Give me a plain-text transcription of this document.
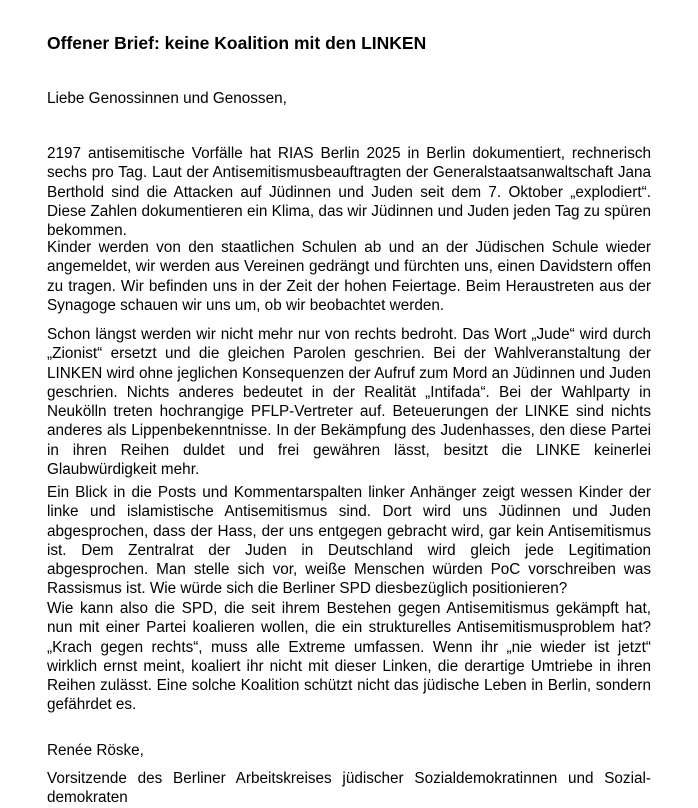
Offener Brief: keine Koalition mit den LINKEN

Liebe Genossinnen und Genossen,

2197 antisemitische Vorfälle hat RIAS Berlin 2025 in Berlin dokumentiert, rechnerisch sechs pro Tag. Laut der Antisemitismusbeauftragten der Generalstaatsanwaltschaft Jana Berthold sind die Attacken auf Jüdinnen und Juden seit dem 7. Oktober „explodiert“. Diese Zahlen dokumentieren ein Klima, das wir Jüdinnen und Juden jeden Tag zu spüren bekommen.

Kinder werden von den staatlichen Schulen ab und an der Jüdischen Schule wieder angemeldet, wir werden aus Vereinen gedrängt und fürchten uns, einen Davidstern offen zu tragen. Wir befinden uns in der Zeit der hohen Feiertage. Beim Heraustreten aus der Synagoge schauen wir uns um, ob wir beobachtet werden.

Schon längst werden wir nicht mehr nur von rechts bedroht. Das Wort „Jude“ wird durch „Zionist“ ersetzt und die gleichen Parolen geschrien. Bei der Wahlveranstaltung der LINKEN wird ohne jeglichen Konsequenzen der Aufruf zum Mord an Jüdinnen und Juden geschrien. Nichts anderes bedeutet in der Realität „Intifada“. Bei der Wahlparty in Neukölln treten hochrangige PFLP-Vertreter auf. Beteuerungen der LINKE sind nichts anderes als Lippenbekenntnisse. In der Bekämpfung des Judenhasses, den diese Partei in ihren Reihen duldet und frei gewähren lässt, besitzt die LINKE keinerlei Glaubwürdigkeit mehr.

Ein Blick in die Posts und Kommentarspalten linker Anhänger zeigt wessen Kinder der linke und islamistische Antisemitismus sind. Dort wird uns Jüdinnen und Juden abgesprochen, dass der Hass, der uns entgegen gebracht wird, gar kein Antisemitismus ist. Dem Zentralrat der Juden in Deutschland wird gleich jede Legitimation abgesprochen. Man stelle sich vor, weiße Menschen würden PoC vorschreiben was Rassismus ist. Wie würde sich die Berliner SPD diesbezüglich positionieren?

Wie kann also die SPD, die seit ihrem Bestehen gegen Antisemitismus gekämpft hat, nun mit einer Partei koalieren wollen, die ein strukturelles Antisemitismusproblem hat? „Krach gegen rechts“, muss alle Extreme umfassen. Wenn ihr „nie wieder ist jetzt“ wirklich ernst meint, koaliert ihr nicht mit dieser Linken, die derartige Umtriebe in ihren Reihen zulässt. Eine solche Koalition schützt nicht das jüdische Leben in Berlin, sondern gefährdet es.

Renée Röske,

Vorsitzende des Berliner Arbeitskreises jüdischer Sozialdemokratinnen und Sozialdemokraten
